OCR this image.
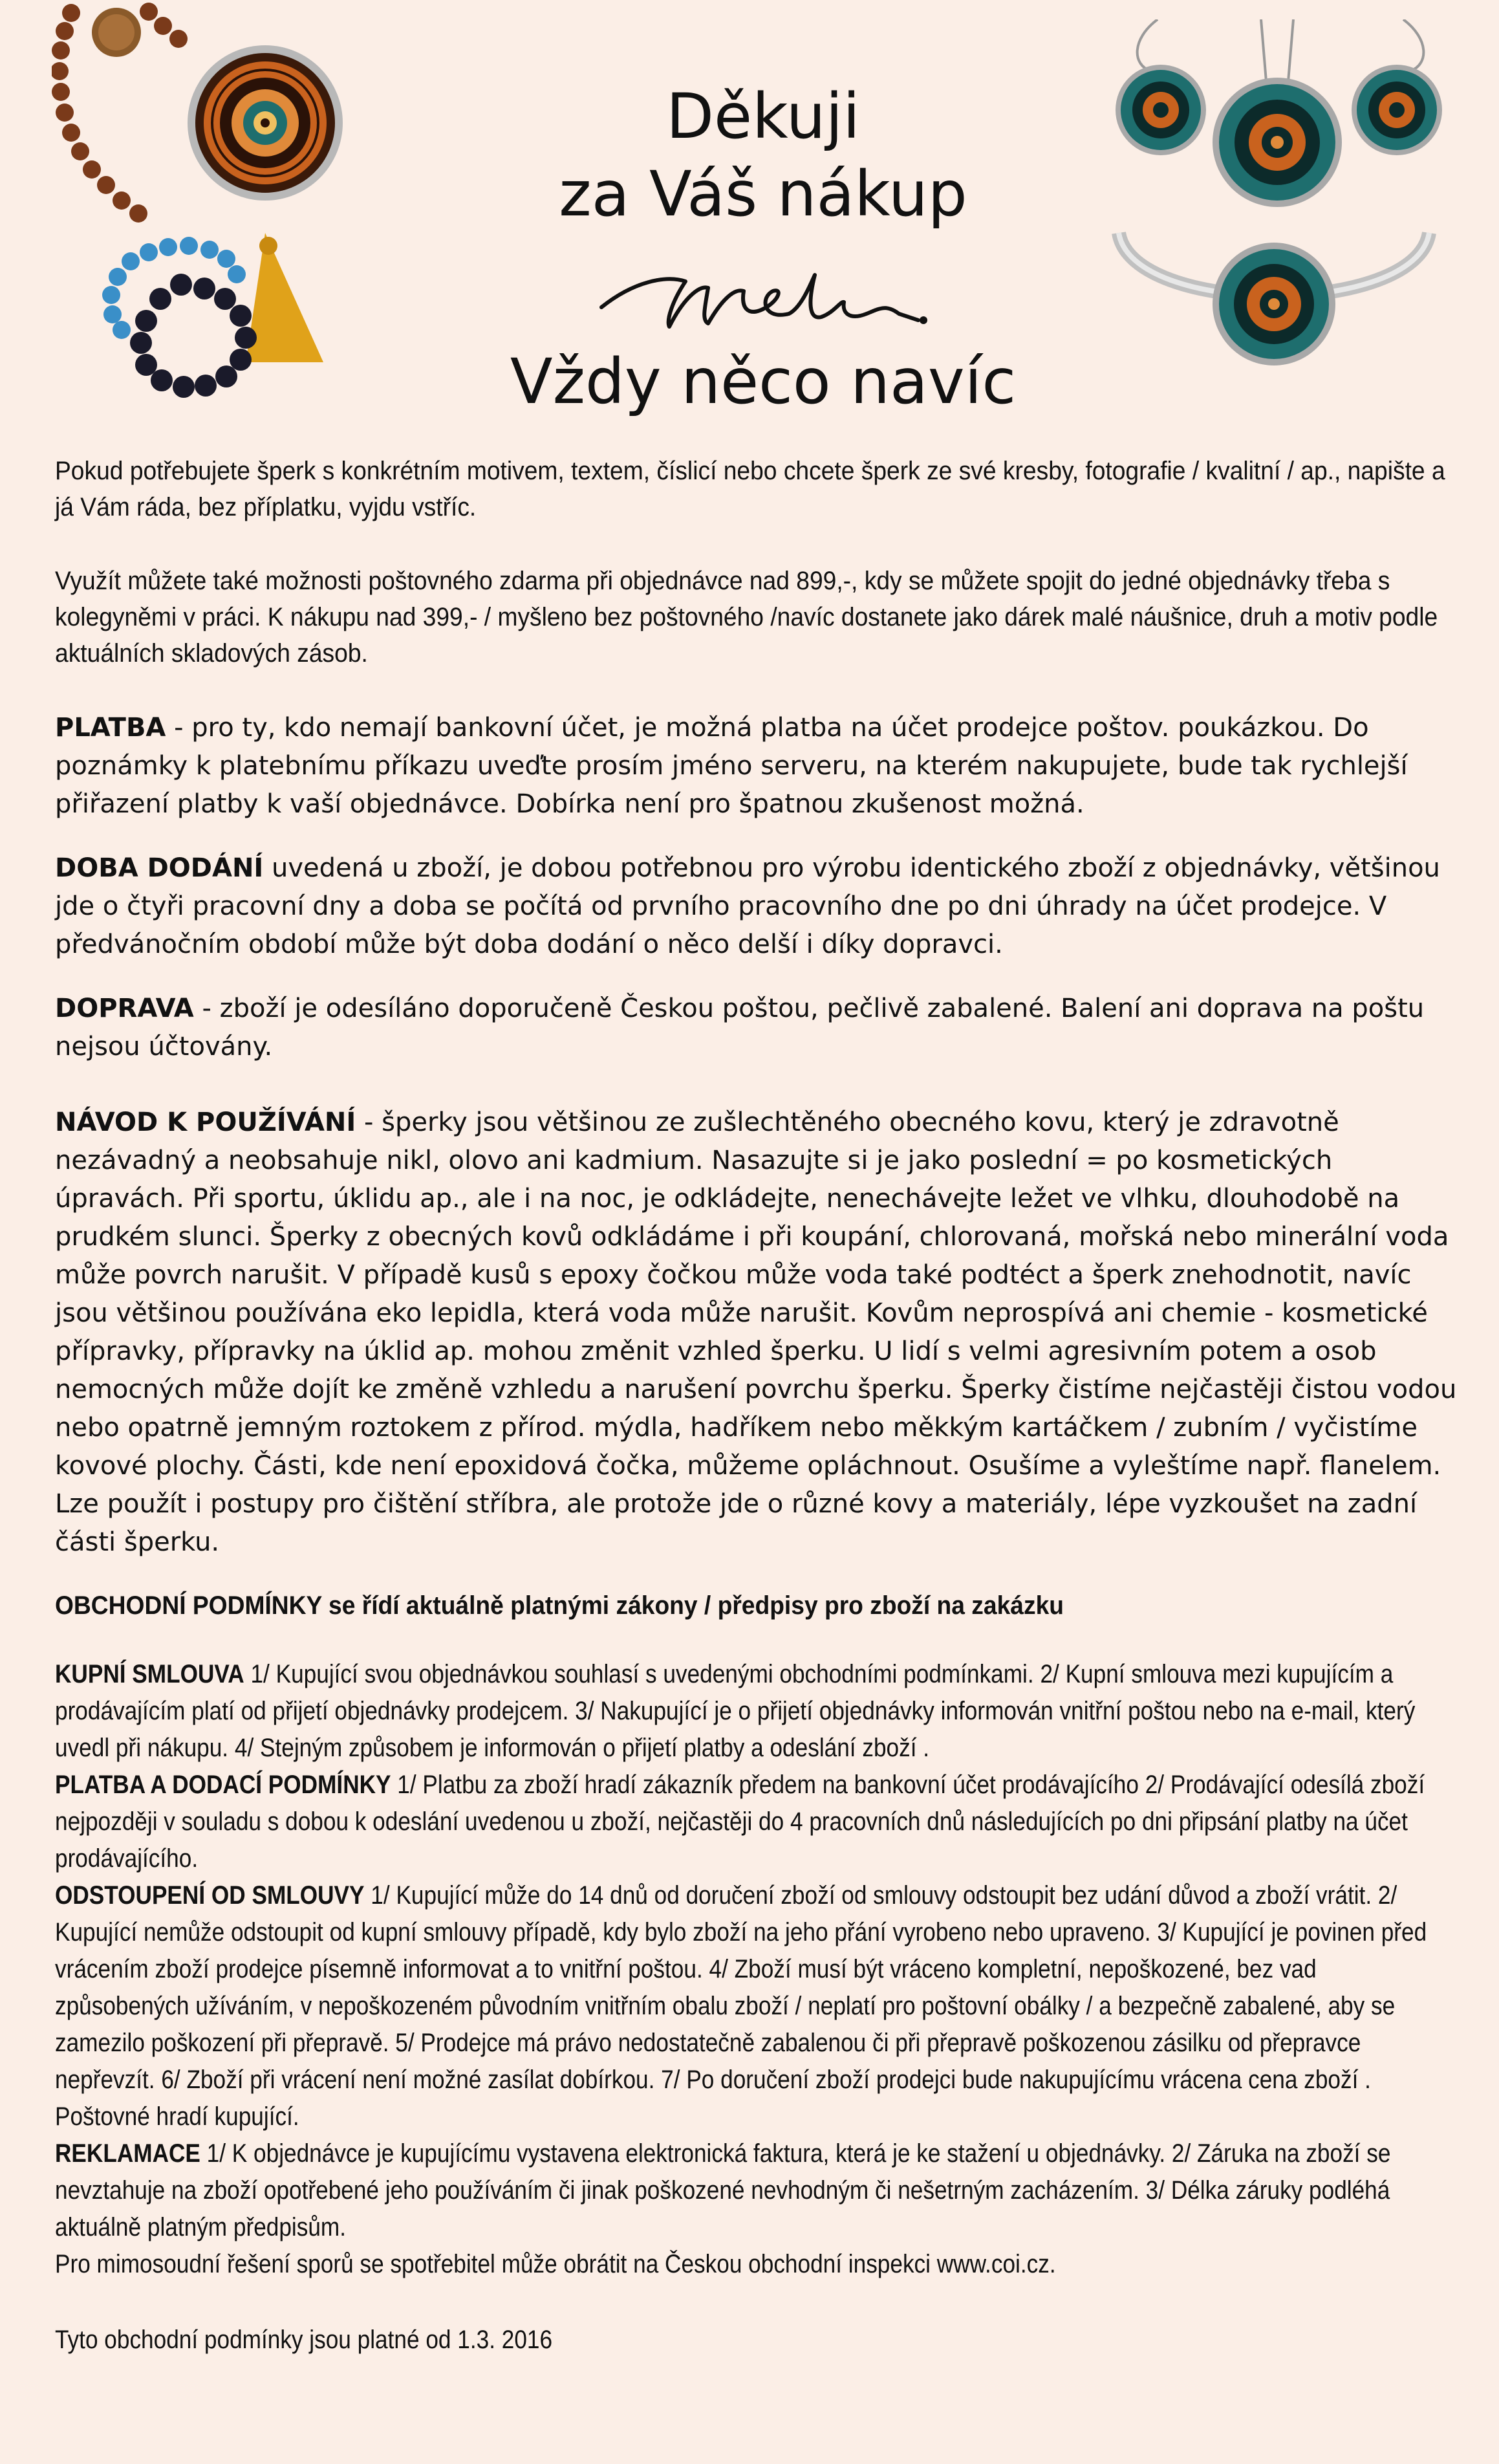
Děkuji
za Váš nákup
Vždy něco navíc

Pokud potřebujete šperk s konkrétním motivem, textem, číslicí nebo chcete šperk ze své kresby, fotografie / kvalitní / ap., napište a já Vám ráda, bez příplatku, vyjdu vstříc.

Využít můžete také možnosti poštovného zdarma při objednávce nad 899,-, kdy se můžete spojit do jedné objednávky třeba s kolegyněmi v práci. K nákupu nad 399,- / myšleno bez poštovného /navíc dostanete jako dárek malé náušnice, druh a motiv podle aktuálních skladových zásob.

PLATBA - pro ty, kdo nemají bankovní účet, je možná platba na účet prodejce poštov. poukázkou. Do poznámky k platebnímu příkazu uveďte prosím jméno serveru, na kterém nakupujete, bude tak rychlejší přiřazení platby k vaší objednávce. Dobírka není pro špatnou zkušenost možná.

DOBA DODÁNÍ uvedená u zboží, je dobou potřebnou pro výrobu identického zboží z objednávky, většinou jde o čtyři pracovní dny a doba se počítá od prvního pracovního dne po dni úhrady na účet prodejce. V předvánočním období může být doba dodání o něco delší i díky dopravci.

DOPRAVA - zboží je odesíláno doporučeně Českou poštou, pečlivě zabalené. Balení ani doprava na poštu nejsou účtovány.

NÁVOD K POUŽÍVÁNÍ - šperky jsou většinou ze zušlechtěného obecného kovu, který je zdravotně nezávadný a neobsahuje nikl, olovo ani kadmium. Nasazujte si je jako poslední = po kosmetických úpravách. Při sportu, úklidu ap., ale i na noc, je odkládejte, nenechávejte ležet ve vlhku, dlouhodobě na prudkém slunci. Šperky z obecných kovů odkládáme i při koupání, chlorovaná, mořská nebo minerální voda může povrch narušit. V případě kusů s epoxy čočkou může voda také podtéct a šperk znehodnotit, navíc jsou většinou používána eko lepidla, která voda může narušit. Kovům neprospívá ani chemie - kosmetické přípravky, přípravky na úklid ap. mohou změnit vzhled šperku. U lidí s velmi agresivním potem a osob nemocných může dojít ke změně vzhledu a narušení povrchu šperku. Šperky čistíme nejčastěji čistou vodou nebo opatrně jemným roztokem z přírod. mýdla, hadříkem nebo měkkým kartáčkem / zubním / vyčistíme kovové plochy. Části, kde není epoxidová čočka, můžeme opláchnout. Osušíme a vyleštíme např. flanelem. Lze použít i postupy pro čištění stříbra, ale protože jde o různé kovy a materiály, lépe vyzkoušet na zadní části šperku.

OBCHODNÍ PODMÍNKY se řídí aktuálně platnými zákony / předpisy pro zboží na zakázku

KUPNÍ SMLOUVA 1/ Kupující svou objednávkou souhlasí s uvedenými obchodními podmínkami. 2/ Kupní smlouva mezi kupujícím a prodávajícím platí od přijetí objednávky prodejcem. 3/ Nakupující je o přijetí objednávky informován vnitřní poštou nebo na e-mail, který uvedl při nákupu. 4/ Stejným způsobem je informován o přijetí platby a odeslání zboží .

PLATBA A DODACÍ PODMÍNKY 1/ Platbu za zboží hradí zákazník předem na bankovní účet prodávajícího 2/ Prodávající odesílá zboží nejpozději v souladu s dobou k odeslání uvedenou u zboží, nejčastěji do 4 pracovních dnů následujících po dni připsání platby na účet prodávajícího.

ODSTOUPENÍ OD SMLOUVY 1/ Kupující může do 14 dnů od doručení zboží od smlouvy odstoupit bez udání důvod a zboží vrátit. 2/ Kupující nemůže odstoupit od kupní smlouvy případě, kdy bylo zboží na jeho přání vyrobeno nebo upraveno. 3/ Kupující je povinen před vrácením zboží prodejce písemně informovat a to vnitřní poštou. 4/ Zboží musí být vráceno kompletní, nepoškozené, bez vad způsobených užíváním, v nepoškozeném původním vnitřním obalu zboží / neplatí pro poštovní obálky / a bezpečně zabalené, aby se zamezilo poškození při přepravě. 5/ Prodejce má právo nedostatečně zabalenou či při přepravě poškozenou zásilku od přepravce nepřevzít. 6/ Zboží při vrácení není možné zasílat dobírkou. 7/ Po doručení zboží prodejci bude nakupujícímu vrácena cena zboží . Poštovné hradí kupující.

REKLAMACE 1/ K objednávce je kupujícímu vystavena elektronická faktura, která je ke stažení u objednávky. 2/ Záruka na zboží se nevztahuje na zboží opotřebené jeho používáním či jinak poškozené nevhodným či nešetrným zacházením. 3/ Délka záruky podléhá aktuálně platným předpisům.

Pro mimosoudní řešení sporů se spotřebitel může obrátit na Českou obchodní inspekci www.coi.cz.

Tyto obchodní podmínky jsou platné od 1.3. 2016
